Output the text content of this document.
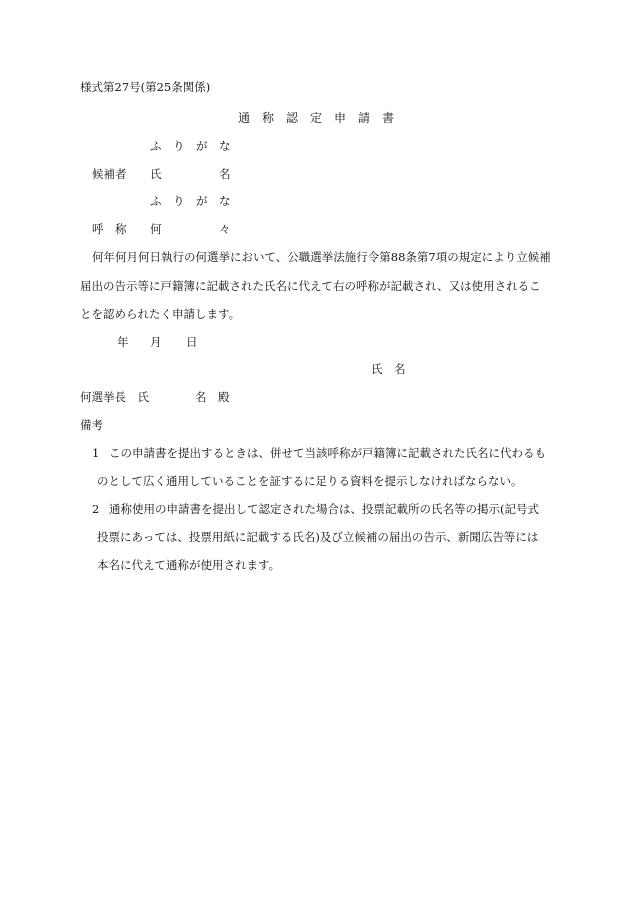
様式第27号(第25条関係)
通　称　認　定　申　請　書
ふ　り　が　な
候補者 氏	名
ふ　り　が　な
呼　称 何	々
何年何月何日執行の何選挙において、公職選挙法施行令第88条第7項の規定により立候補
届出の告示等に戸籍簿に記載された氏名に代えて右の呼称が記載され、又は使用されるこ
とを認められたく申請します。
年 月 日
氏　名
何選挙長　氏	名　殿
備考
1 この申請書を提出するときは、併せて当該呼称が戸籍簿に記載された氏名に代わるも
のとして広く通用していることを証するに足りる資料を提示しなければならない。
2 通称使用の申請書を提出して認定された場合は、投票記載所の氏名等の掲示(記号式
投票にあっては、投票用紙に記載する氏名)及び立候補の届出の告示、新聞広告等には
本名に代えて通称が使用されます。
